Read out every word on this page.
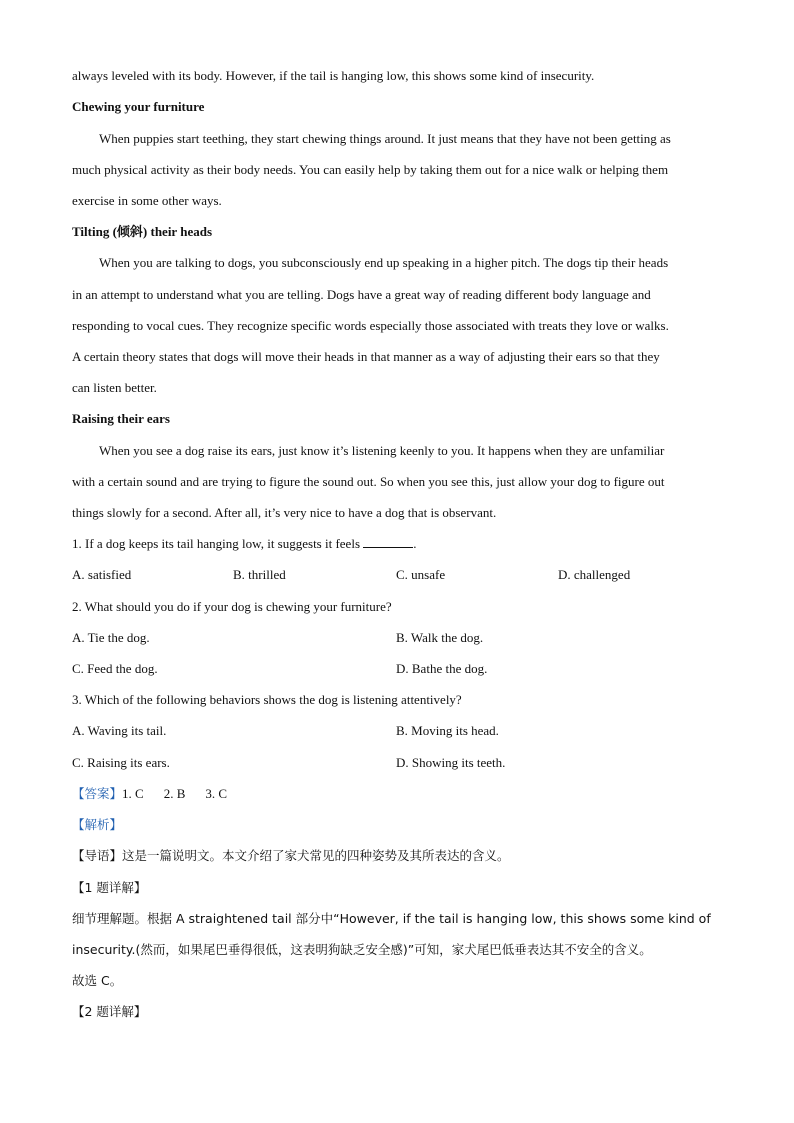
always leveled with its body. However, if the tail is hanging low, this shows some kind of insecurity.
Chewing your furniture
When puppies start teething, they start chewing things around. It just means that they have not been getting as
much physical activity as their body needs. You can easily help by taking them out for a nice walk or helping them
exercise in some other ways.
Tilting (倾斜) their heads
When you are talking to dogs, you subconsciously end up speaking in a higher pitch. The dogs tip their heads
in an attempt to understand what you are telling. Dogs have a great way of reading different body language and
responding to vocal cues. They recognize specific words especially those associated with treats they love or walks.
A certain theory states that dogs will move their heads in that manner as a way of adjusting their ears so that they
can listen better.
Raising their ears
When you see a dog raise its ears, just know it’s listening keenly to you. It happens when they are unfamiliar
with a certain sound and are trying to figure the sound out. So when you see this, just allow your dog to figure out
things slowly for a second. After all, it’s very nice to have a dog that is observant.
1. If a dog keeps its tail hanging low, it suggests it feels	.
A. satisfied	B. thrilled	C. unsafe	D. challenged
2. What should you do if your dog is chewing your furniture?
A. Tie the dog.	B. Walk the dog.
C. Feed the dog.	D. Bathe the dog.
3. Which of the following behaviors shows the dog is listening attentively?
A. Waving its tail.	B. Moving its head.
C. Raising its ears.	D. Showing its teeth.
【答案】1. C 2. B 3. C
【解析】
【导语】这是一篇说明文。本文介绍了家犬常见的四种姿势及其所表达的含义。
【1 题详解】
细节理解题。根据 A straightened tail 部分中“However, if the tail is hanging low, this shows some kind of
insecurity.(然而，如果尾巴垂得很低，这表明狗缺乏安全感)”可知，家犬尾巴低垂表达其不安全的含义。
故选 C。
【2 题详解】
